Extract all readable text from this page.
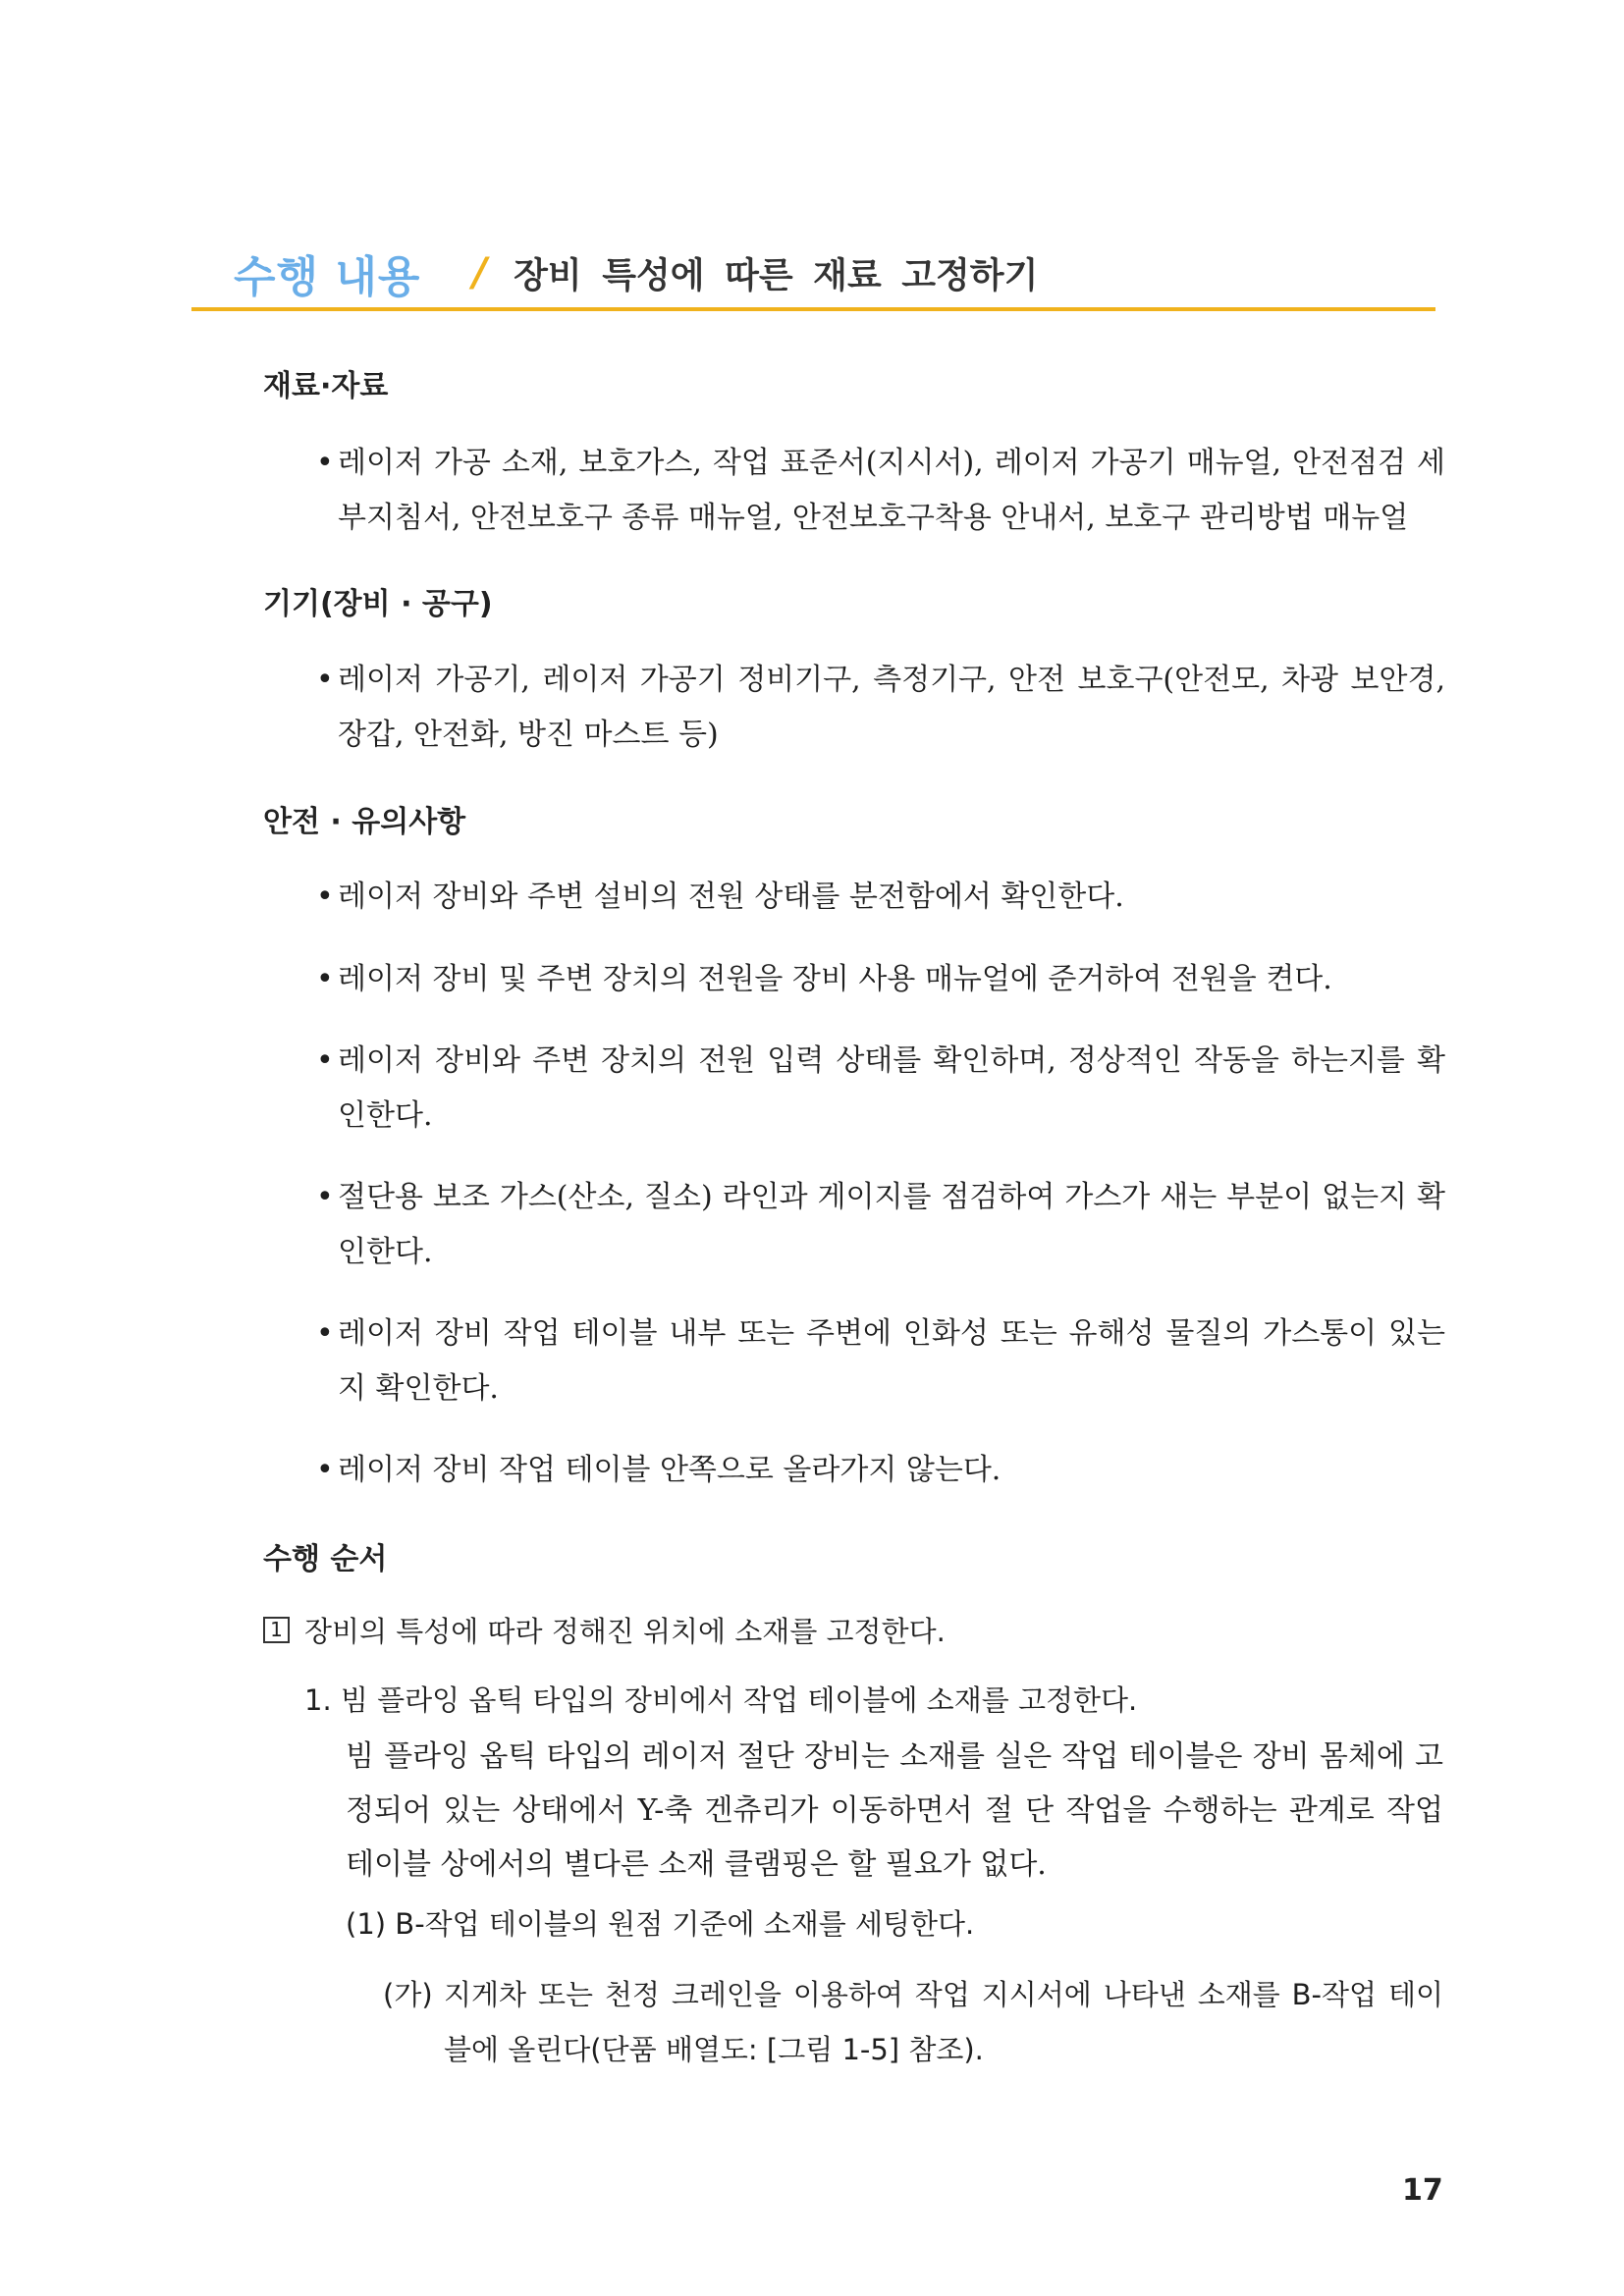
수행 내용 / 장비 특성에 따른 재료 고정하기
재료·자료
• 레이저 가공 소재, 보호가스, 작업 표준서(지시서), 레이저 가공기 매뉴얼, 안전점검 세부지침서, 안전보호구 종류 매뉴얼, 안전보호구착용 안내서, 보호구 관리방법 매뉴얼
기기(장비 · 공구)
• 레이저 가공기, 레이저 가공기 정비기구, 측정기구, 안전 보호구(안전모, 차광 보안경, 장갑, 안전화, 방진 마스트 등)
안전 · 유의사항
• 레이저 장비와 주변 설비의 전원 상태를 분전함에서 확인한다.
• 레이저 장비 및 주변 장치의 전원을 장비 사용 매뉴얼에 준거하여 전원을 켠다.
• 레이저 장비와 주변 장치의 전원 입력 상태를 확인하며, 정상적인 작동을 하는지를 확인한다.
• 절단용 보조 가스(산소, 질소) 라인과 게이지를 점검하여 가스가 새는 부분이 없는지 확인한다.
• 레이저 장비 작업 테이블 내부 또는 주변에 인화성 또는 유해성 물질의 가스통이 있는지 확인한다.
• 레이저 장비 작업 테이블 안쪽으로 올라가지 않는다.
수행 순서
1 장비의 특성에 따라 정해진 위치에 소재를 고정한다.
1. 빔 플라잉 옵틱 타입의 장비에서 작업 테이블에 소재를 고정한다.
빔 플라잉 옵틱 타입의 레이저 절단 장비는 소재를 실은 작업 테이블은 장비 몸체에 고정되어 있는 상태에서 Y-축 겐츄리가 이동하면서 절 단 작업을 수행하는 관계로 작업 테이블 상에서의 별다른 소재 클램핑은 할 필요가 없다.
(1) B-작업 테이블의 원점 기준에 소재를 세팅한다.
(가) 지게차 또는 천정 크레인을 이용하여 작업 지시서에 나타낸 소재를 B-작업 테이블에 올린다(단품 배열도: [그림 1-5] 참조).
17
